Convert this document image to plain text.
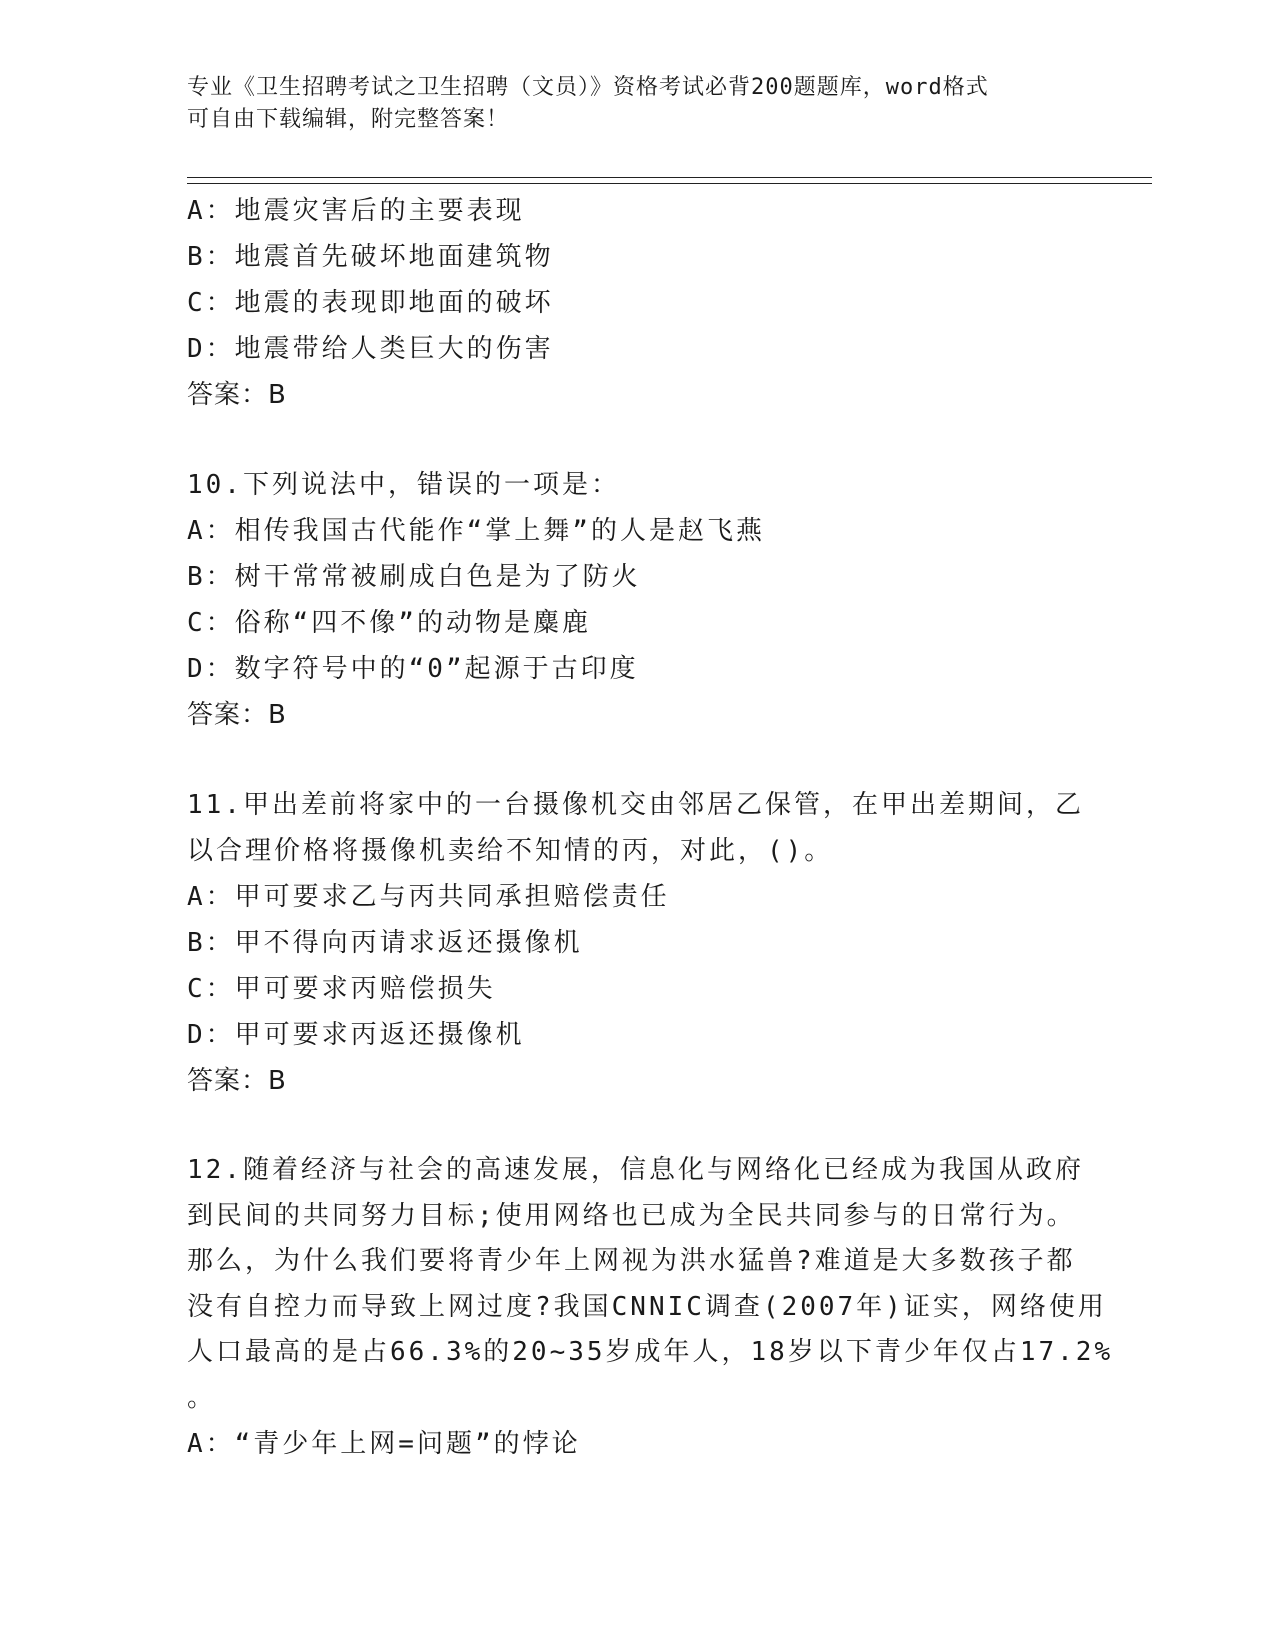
专业《卫生招聘考试之卫生招聘（文员）》资格考试必背200题题库，word格式
可自由下载编辑，附完整答案！
A：地震灾害后的主要表现
B：地震首先破坏地面建筑物
C：地震的表现即地面的破坏
D：地震带给人类巨大的伤害
答案：B
10.下列说法中，错误的一项是：
A：相传我国古代能作“掌上舞”的人是赵飞燕
B：树干常常被刷成白色是为了防火
C：俗称“四不像”的动物是麋鹿
D：数字符号中的“0”起源于古印度
答案：B
11.甲出差前将家中的一台摄像机交由邻居乙保管，在甲出差期间，乙
以合理价格将摄像机卖给不知情的丙，对此，()。
A：甲可要求乙与丙共同承担赔偿责任
B：甲不得向丙请求返还摄像机
C：甲可要求丙赔偿损失
D：甲可要求丙返还摄像机
答案：B
12.随着经济与社会的高速发展，信息化与网络化已经成为我国从政府
到民间的共同努力目标;使用网络也已成为全民共同参与的日常行为。
那么，为什么我们要将青少年上网视为洪水猛兽?难道是大多数孩子都
没有自控力而导致上网过度?我国CNNIC调查(2007年)证实，网络使用
人口最高的是占66.3%的20~35岁成年人，18岁以下青少年仅占17.2%
。
A：“青少年上网=问题”的悖论
